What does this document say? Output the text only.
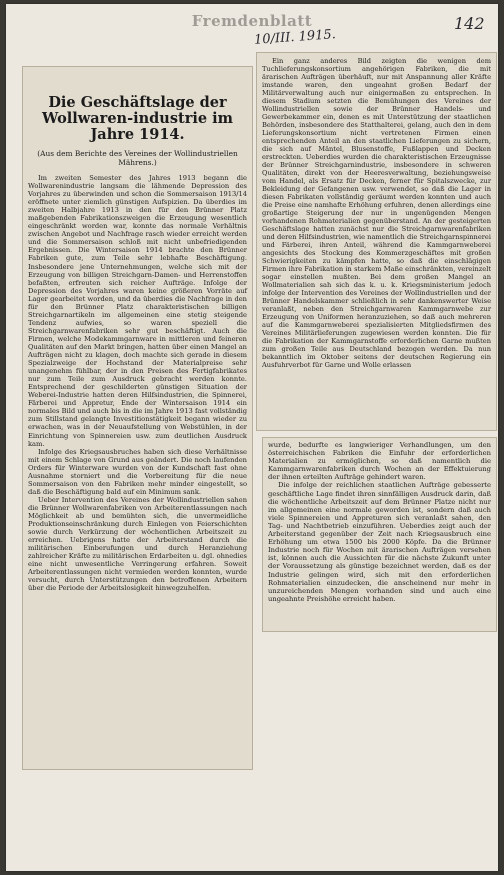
Fremdenblatt
10/III. 1915.
142
Die Geschäftslage der Wollwaren-industrie im Jahre 1914.
(Aus dem Berichte des Vereines der Wollindustriellen Mährens.)

Im zweiten Semester des Jahres 1913 begann die Wollwarenindustrie langsam die lähmende Depression des Vorjahres zu überwinden und schon die Sommersaison 1913/14 eröffnete unter ziemlich günstigen Aufspizien. Da überdies im zweiten Halbjahre 1913 in den für den Brünner Platz maßgebenden Fabrikationszweigen die Erzeugung wesentlich eingeschränkt worden war, konnte das normale Verhältnis zwischen Angebot und Nachfrage rasch wieder erreicht werden und die Sommersaison schloß mit nicht unbefriedigenden Ergebnissen. Die Wintersaison 1914 brachte den Brünner Fabriken gute, zum Teile sehr lebhafte Beschäftigung. Insbesondere jene Unternehmungen, welche sich mit der Erzeugung von billigen Streichgarn-Damen- und Herrenstoffen befaßten, erfreuten sich reicher Aufträge. Infolge der Depression des Vorjahres waren keine größeren Vorräte auf Lager gearbeitet worden, und da überdies die Nachfrage in den für den Brünner Platz charakteristischen billigen Streichgarnartikeln im allgemeinen eine stetig steigende Tendenz aufwies, so waren speziell die Streichgarnwarenfabriken sehr gut beschäftigt. Auch die Firmen, welche Modekammgarnware in mittleren und feineren Qualitäten auf den Markt bringen, hatten über einen Mangel an Aufträgen nicht zu klagen, doch machte sich gerade in diesem Spezialzweige der Hochstand der Materialpreise sehr unangenehm fühlbar, der in den Preisen des Fertigfabrikates nur zum Teile zum Ausdruck gebracht werden konnte. Entsprechend der geschilderten günstigen Situation der Weberei-Industrie hatten deren Hilfsindustrien, die Spinnerei, Färberei und Appretur, Ende der Wintersaison 1914 ein normales Bild und auch bis in die im Jahre 1913 fast vollständig zum Stillstand gelangte Investitionstätigkeit begann wieder zu erwachen, was in der Neuaufstellung von Webstühlen, in der Einrichtung von Spinnereien usw. zum deutlichen Ausdruck kam.

Infolge des Kriegsausbruches haben sich diese Verhältnisse mit einem Schlage von Grund aus geändert. Die noch laufenden Orders für Winterware wurden von der Kundschaft fast ohne Ausnahme storniert und die Vorbereitung für die neue Sommersaison von den Fabriken mehr minder eingestellt, so daß die Beschäftigung bald auf ein Minimum sank.

Ueber Intervention des Vereines der Wollindustriellen sahen die Brünner Wollwarenfabriken von Arbeiterentlassungen nach Möglichkeit ab und bemühten sich, die unvermeidliche Produktionseinschränkung durch Einlegen von Feierschichten sowie durch Verkürzung der wöchentlichen Arbeitszeit zu erreichen. Uebrigens hatte der Arbeiterstand durch die militärischen Einberufungen und durch Heranziehung zahlreicher Kräfte zu militärischen Erdarbeiten u. dgl. ohnedies eine nicht unwesentliche Verringerung erfahren. Soweit Arbeiterentlassungen nicht vermieden werden konnten, wurde versucht, durch Unterstützungen den betroffenen Arbeitern über die Periode der Arbeitslosigkeit hinwegzuhelfen.

Ein ganz anderes Bild zeigten die wenigen dem Tuchlieferungskonsortium angehörigen Fabriken, die mit ärarischen Aufträgen überhäuft, nur mit Anspannung aller Kräfte imstande waren, den ungeahnt großen Bedarf der Militärverwaltung auch nur einigermaßen zu entsprechen. In diesem Stadium setzten die Bemühungen des Vereines der Wollindustriellen sowie der Brünner Handels- und Gewerbekammer ein, denen es mit Unterstützung der staatlichen Behörden, insbesondere des Statthalterei, gelang, auch den in dem Lieferungskonsortium nicht vertretenen Firmen einen entsprechenden Anteil an den staatlichen Lieferungen zu sichern, die sich auf Mäntel, Blusenstoffe, Fußlappen und Decken erstreckten. Ueberdies wurden die charakteristischen Erzeugnisse der Brünner Streichgarnindustrie, insbesondere in schweren Qualitäten, direkt von der Heeresverwaltung, beziehungsweise vom Handel, als Ersatz für Decken, ferner für Spitalszwecke, zur Bekleidung der Gefangenen usw. verwendet, so daß die Lager in diesen Fabrikaten vollständig geräumt werden konnten und auch die Preise eine namhafte Erhöhung erfuhren, denen allerdings eine großartige Steigerung der nur in ungenügenden Mengen vorhandenen Rohmaterialien gegenüberstand. An der gesteigerten Geschäftslage hatten zunächst nur die Streichgarnwarenfabriken und deren Hilfsindustrien, wie namentlich die Streichgarnspinnerei und Färberei, ihren Anteil, während die Kammgarnweberei angesichts des Stockung des Kommerzgeschäftes mit großen Schwierigkeiten zu kämpfen hatte, so daß die einschlägigen Firmen ihre Fabrikation in starkem Maße einschränkten, vereinzelt sogar einstellen mußten. Bei dem großen Mangel an Wollmaterialien sah sich das k. u. k. Kriegsministerium jedoch infolge der Intervention des Vereines der Wollindustriellen und der Brünner Handelskammer schließlich in sehr dankenswerter Weise veranlaßt, neben den Streichgarnwaren Kammgarnwebe zur Erzeugung von Uniformen heranzuziehen, so daß auch mehreren auf die Kammgarnweberei spezialisierten Mitgliedsfirmen des Vereines Militärlieferungen zugewiesen werden konnten. Die für die Fabrikation der Kammgarnstoffe erforderlichen Garne mußten zum großen Teile aus Deutschland bezogen werden. Da nun bekanntlich im Oktober seitens der deutschen Regierung ein Ausfuhrverbot für Garne und Wolle erlassen

wurde, bedurfte es langwieriger Verhandlungen, um den österreichischen Fabriken die Einfuhr der erforderlichen Materialien zu ermöglichen, so daß namentlich die Kammgarnwarenfabriken durch Wochen an der Effektuierung der ihnen erteilten Aufträge gehindert waren.

Die infolge der reichlichen staatlichen Aufträge gebesserte geschäftliche Lage findet ihren sinnfälligen Ausdruck darin, daß die wöchentliche Arbeitszeit auf dem Brünner Platze nicht nur im allgemeinen eine normale geworden ist, sondern daß auch viele Spinnereien und Appreturen sich veranlaßt sahen, den Tag- und Nachtbetrieb einzuführen. Ueberdies zeigt auch der Arbeiterstand gegenüber der Zeit nach Kriegsausbruch eine Erhöhung um etwa 1500 bis 2000 Köpfe. Da die Brünner Industrie noch für Wochen mit ärarischen Aufträgen versehen ist, können auch die Aussichten für die nächste Zukunft unter der Voraussetzung als günstige bezeichnet werden, daß es der Industrie gelingen wird, sich mit den erforderlichen Rohmaterialien einzudecken, die anscheinend nur mehr in unzureichenden Mengen vorhanden sind und auch eine ungeahnte Preishöhe erreicht haben.
